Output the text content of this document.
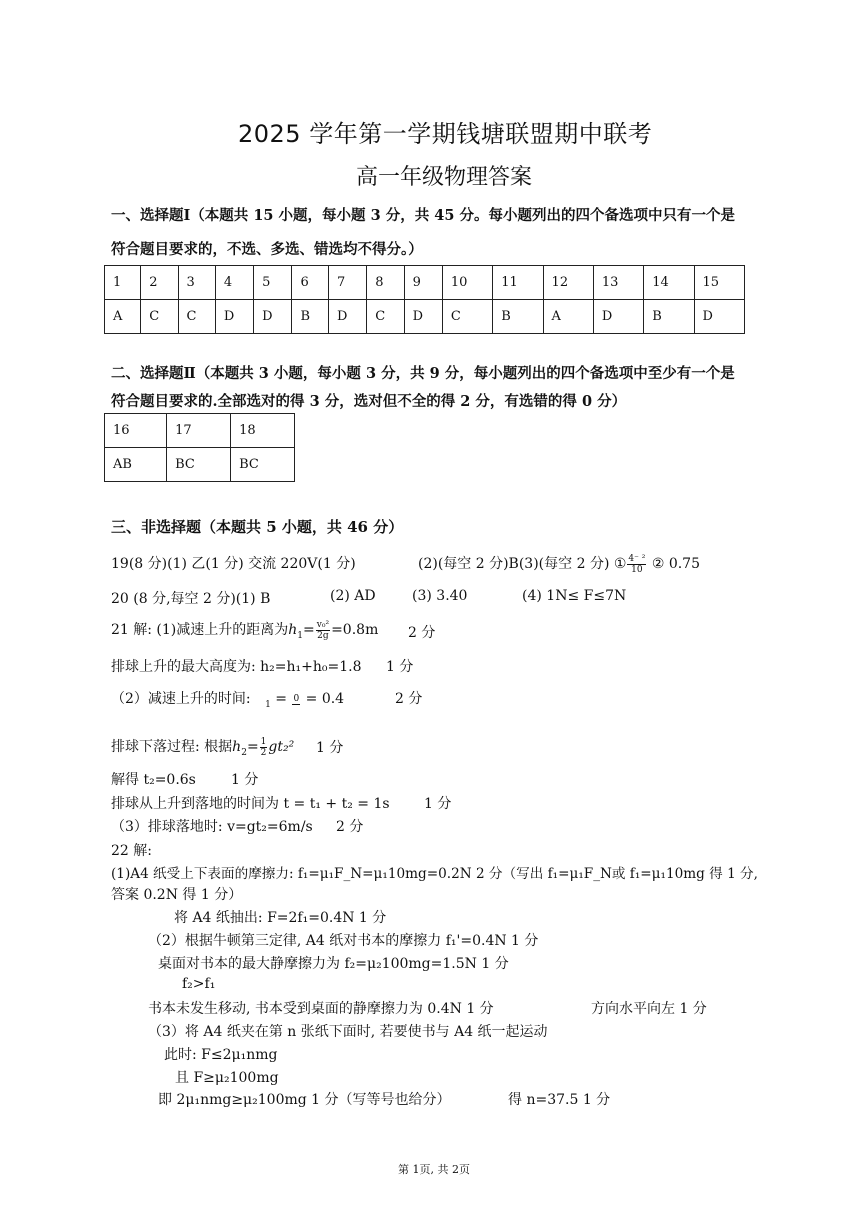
2025 学年第一学期钱塘联盟期中联考
高一年级物理答案
一、选择题Ⅰ（本题共 15 小题，每小题 3 分，共 45 分。每小题列出的四个备选项中只有一个是
符合题目要求的，不选、多选、错选均不得分。）
1	2	3	4	5	6	7	8	9	10	11	12	13	14	15
A	C	C	D	D	B	D	C	D	C	B	A	D	B	D
二、选择题Ⅱ（本题共 3 小题，每小题 3 分，共 9 分，每小题列出的四个备选项中至少有一个是
符合题目要求的.全部选对的得 3 分，选对但不全的得 2 分，有选错的得 0 分）
16	17	18
AB	BC	BC
三、非选择题（本题共 5 小题，共 46 分）
19(8 分)(1) 乙(1 分) 交流 220V(1 分)	(2)(每空 2 分)B(3)(每空 2 分) ① $\frac{\text{4⁻ ²}}{10}$ ② 0.75
20 (8 分,每空 2 分)(1) B	(2) AD	(3) 3.40	(4) 1N≤ F≤7N
21 解: (1)减速上升的距离为$h_1= \frac{\text{v₀²}}{2g} =0.8m$ 2 分
排球上升的最大高度为: h₂=h₁+h₀=1.8 1 分
（2）减速上升的时间: $_1$ = 0 = 0.4	2 分
排球下落过程: 根据$h_2= \frac{1}{2} gt_2^2$ 1 分
解得 t₂=0.6s	1 分
排球从上升到落地的时间为 t = t₁ + t₂ = 1s 1 分
（3）排球落地时: v=gt₂=6m/s 2 分
22 解:
(1)A4 纸受上下表面的摩擦力: f₁=μ₁F_N=μ₁10mg=0.2N 2 分（写出 f₁=μ₁F_N或 f₁=μ₁10mg 得 1 分,
答案 0.2N 得 1 分）
将 A4 纸抽出: F=2f₁=0.4N 1 分
（2）根据牛顿第三定律, A4 纸对书本的摩擦力 f₁'=0.4N 1 分
桌面对书本的最大静摩擦力为 f₂=μ₂100mg=1.5N 1 分
f₂>f₁
书本未发生移动, 书本受到桌面的静摩擦力为 0.4N 1 分	方向水平向左 1 分
（3）将 A4 纸夹在第 n 张纸下面时, 若要使书与 A4 纸一起运动
此时: F≤2μ₁nmg
且 F≥μ₂100mg
即 2μ₁nmg≥μ₂100mg 1 分（写等号也给分）	得 n=37.5 1 分
第 1页, 共 2页
